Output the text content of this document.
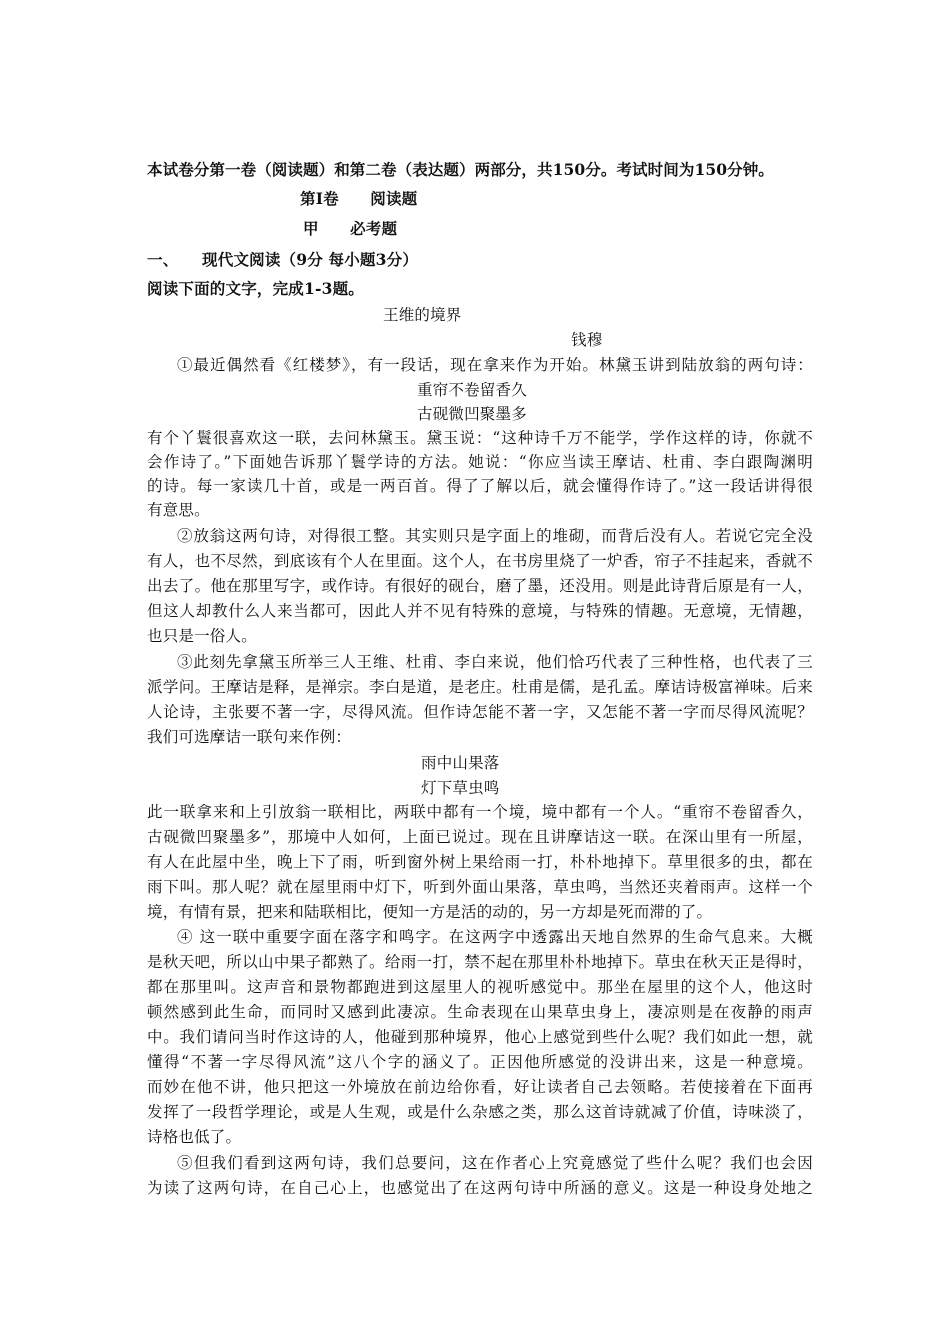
本试卷分第一卷（阅读题）和第二卷（表达题）两部分，共150分。考试时间为150分钟。

第Ⅰ卷　　阅读题

甲　　必考题

一、　　现代文阅读（9分 每小题3分）

阅读下面的文字，完成1-3题。

王维的境界

钱穆

①最近偶然看《红楼梦》，有一段话，现在拿来作为开始。林黛玉讲到陆放翁的两句诗：

重帘不卷留香久

古砚微凹聚墨多

有个丫鬟很喜欢这一联，去问林黛玉。黛玉说：“这种诗千万不能学，学作这样的诗，你就不

会作诗了。”下面她告诉那丫鬟学诗的方法。她说：“你应当读王摩诘、杜甫、李白跟陶渊明

的诗。每一家读几十首，或是一两百首。得了了解以后，就会懂得作诗了。”这一段话讲得很

有意思。

②放翁这两句诗，对得很工整。其实则只是字面上的堆砌，而背后没有人。若说它完全没

有人，也不尽然，到底该有个人在里面。这个人，在书房里烧了一炉香，帘子不挂起来，香就不

出去了。他在那里写字，或作诗。有很好的砚台，磨了墨，还没用。则是此诗背后原是有一人，

但这人却教什么人来当都可，因此人并不见有特殊的意境，与特殊的情趣。无意境，无情趣，

也只是一俗人。

③此刻先拿黛玉所举三人王维、杜甫、李白来说，他们恰巧代表了三种性格，也代表了三

派学问。王摩诘是释，是禅宗。李白是道，是老庄。杜甫是儒，是孔孟。摩诘诗极富禅味。后来

人论诗，主张要不著一字，尽得风流。但作诗怎能不著一字，又怎能不著一字而尽得风流呢？

我们可选摩诘一联句来作例：

雨中山果落

灯下草虫鸣

此一联拿来和上引放翁一联相比，两联中都有一个境，境中都有一个人。“重帘不卷留香久，

古砚微凹聚墨多”，那境中人如何，上面已说过。现在且讲摩诘这一联。在深山里有一所屋，

有人在此屋中坐，晚上下了雨，听到窗外树上果给雨一打，朴朴地掉下。草里很多的虫，都在

雨下叫。那人呢？就在屋里雨中灯下，听到外面山果落，草虫鸣，当然还夹着雨声。这样一个

境，有情有景，把来和陆联相比，便知一方是活的动的，另一方却是死而滞的了。

④ 这一联中重要字面在落字和鸣字。在这两字中透露出天地自然界的生命气息来。大概

是秋天吧，所以山中果子都熟了。给雨一打，禁不起在那里朴朴地掉下。草虫在秋天正是得时，

都在那里叫。这声音和景物都跑进到这屋里人的视听感觉中。那坐在屋里的这个人，他这时

顿然感到此生命，而同时又感到此凄凉。生命表现在山果草虫身上，凄凉则是在夜静的雨声

中。我们请问当时作这诗的人，他碰到那种境界，他心上感觉到些什么呢？我们如此一想，就

懂得“不著一字尽得风流”这八个字的涵义了。正因他所感觉的没讲出来，这是一种意境。

而妙在他不讲，他只把这一外境放在前边给你看，好让读者自己去领略。若使接着在下面再

发挥了一段哲学理论，或是人生观，或是什么杂感之类，那么这首诗就减了价值，诗味淡了，

诗格也低了。

⑤但我们看到这两句诗，我们总要问，这在作者心上究竟感觉了些什么呢？我们也会因

为读了这两句诗，在自己心上，也感觉出了在这两句诗中所涵的意义。这是一种设身处地之
